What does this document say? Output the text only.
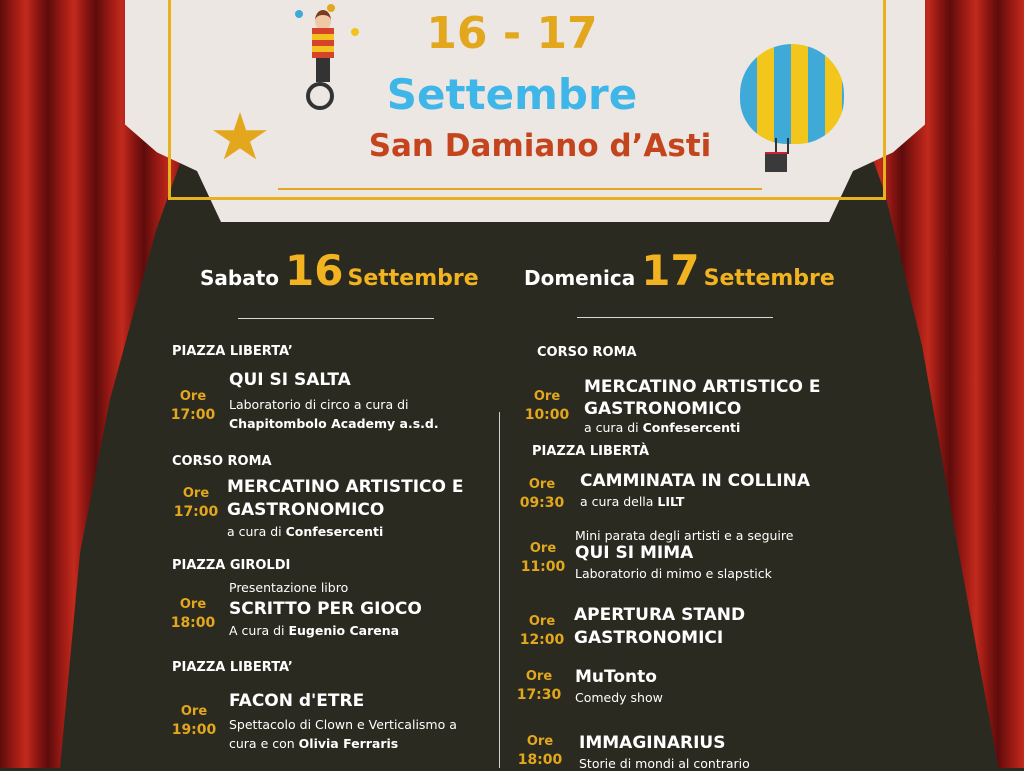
16 - 17
Settembre
San Damiano d’Asti
Sabato 16 Settembre Domenica 17 Settembre
PIAZZA LIBERTA’
Ore
17:00
QUI SI SALTA
Laboratorio di circo a cura di
Chapitombolo Academy a.s.d.
CORSO ROMA
Ore
17:00
MERCATINO ARTISTICO E
GASTRONOMICO
a cura di Confesercenti
PIAZZA GIROLDI
Presentazione libro
Ore
18:00
SCRITTO PER GIOCO
A cura di Eugenio Carena
PIAZZA LIBERTA’
Ore
19:00
FACON d'ETRE
Spettacolo di Clown e Verticalismo a
cura e con Olivia Ferraris
CORSO ROMA
Ore
10:00
MERCATINO ARTISTICO E
GASTRONOMICO
a cura di Confesercenti
PIAZZA LIBERTÀ
Ore
09:30
CAMMINATA IN COLLINA
a cura della LILT
Mini parata degli artisti e a seguire
Ore
11:00
QUI SI MIMA
Laboratorio di mimo e slapstick
Ore
12:00
APERTURA STAND
GASTRONOMICI
Ore
17:30
MuTonto
Comedy show
Ore
18:00
IMMAGINARIUS
Storie di mondi al contrario
